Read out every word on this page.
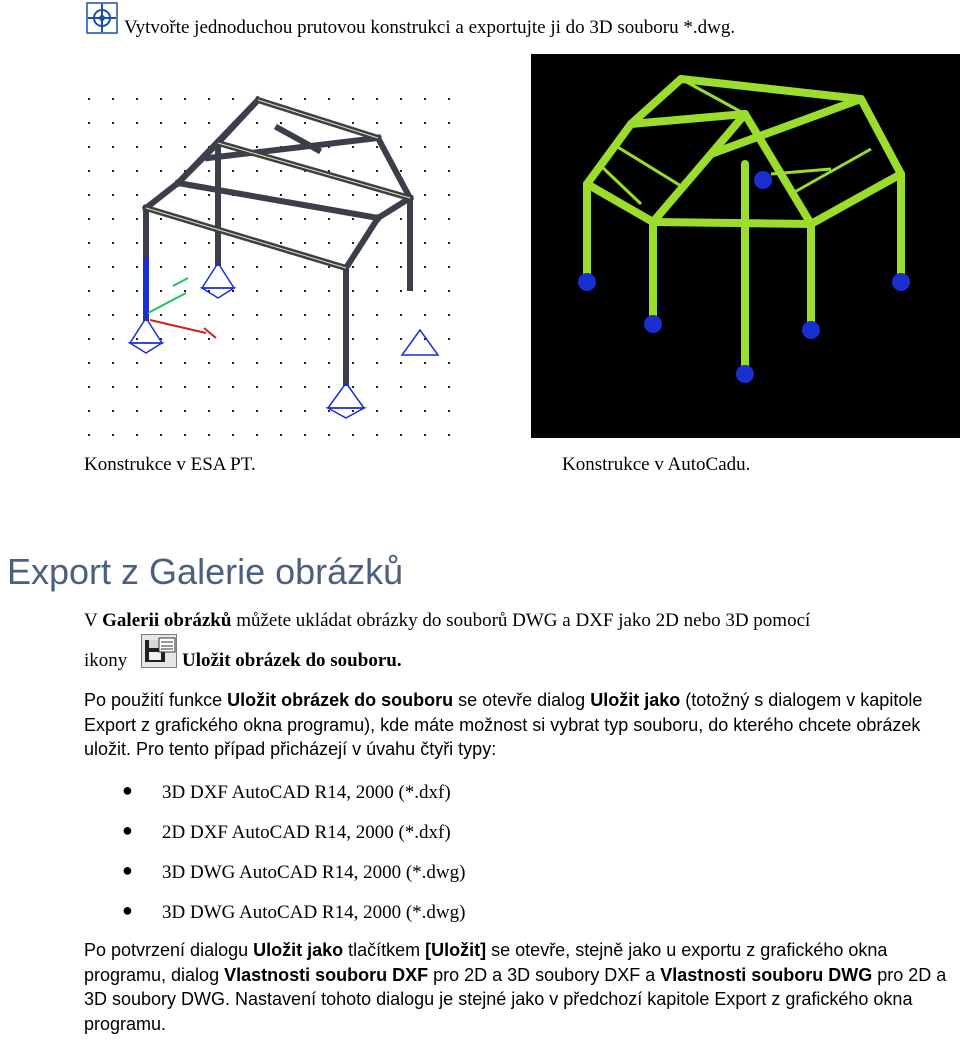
Vytvořte jednoduchou prutovou konstrukci a exportujte ji do 3D souboru *.dwg.
Konstrukce v ESA PT.	Konstrukce v AutoCadu.
Export z Galerie obrázků
V Galerii obrázků můžete ukládat obrázky do souborů DWG a DXF jako 2D nebo 3D pomocí
ikony	Uložit obrázek do souboru.
Po použití funkce Uložit obrázek do souboru se otevře dialog Uložit jako (totožný s dialogem v kapitole Export z grafického okna programu), kde máte možnost si vybrat typ souboru, do kterého chcete obrázek uložit. Pro tento případ přicházejí v úvahu čtyři typy:
● 3D DXF AutoCAD R14, 2000 (*.dxf)
● 2D DXF AutoCAD R14, 2000 (*.dxf)
● 3D DWG AutoCAD R14, 2000 (*.dwg)
● 3D DWG AutoCAD R14, 2000 (*.dwg)
Po potvrzení dialogu Uložit jako tlačítkem [Uložit] se otevře, stejně jako u exportu z grafického okna programu, dialog Vlastnosti souboru DXF pro 2D a 3D soubory DXF a Vlastnosti souboru DWG pro 2D a 3D soubory DWG. Nastavení tohoto dialogu je stejné jako v předchozí kapitole Export z grafického okna programu.
